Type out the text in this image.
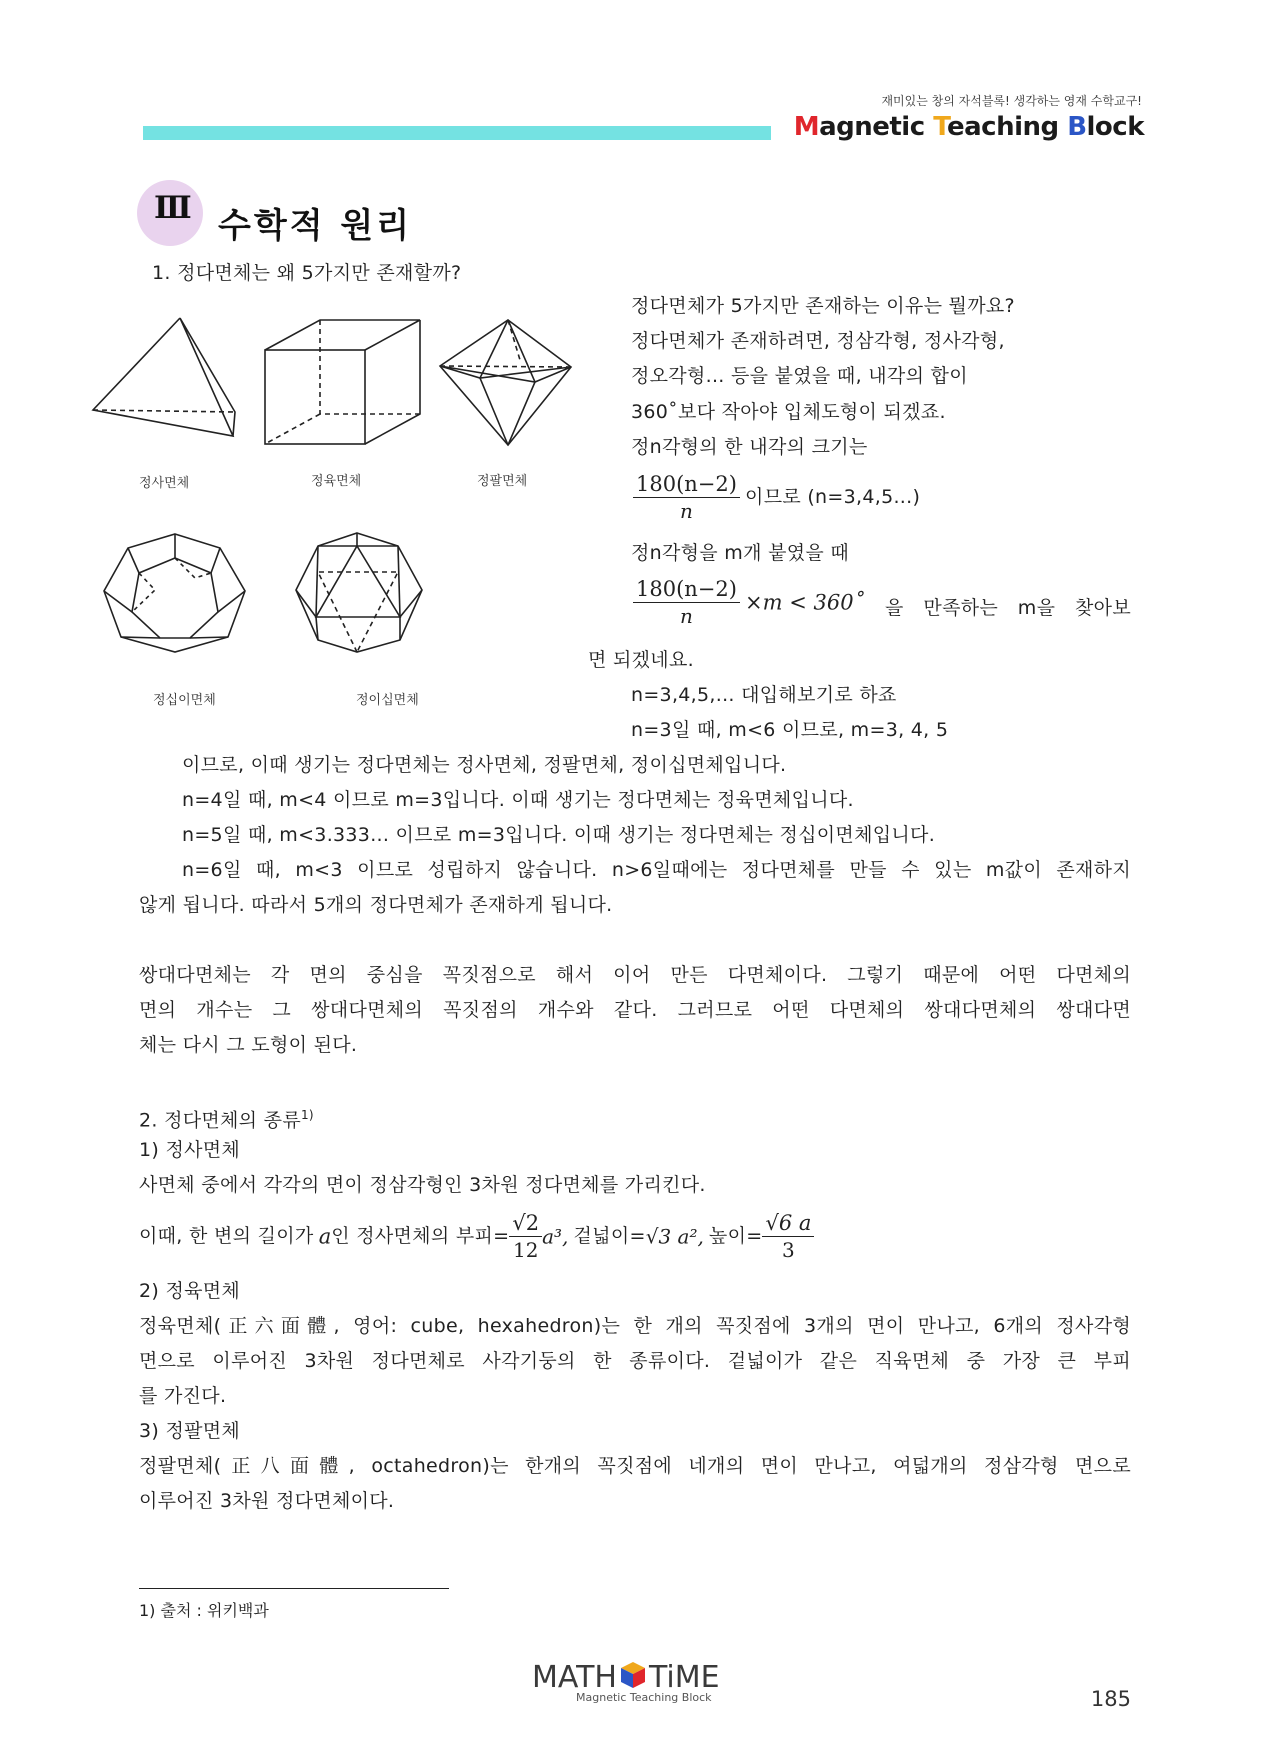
재미있는 창의 자석블록! 생각하는 영재 수학교구!
Magnetic Teaching Block
Ⅲ 수학적 원리
1. 정다면체는 왜 5가지만 존재할까?
정사면체	정육면체	정팔면체
정십이면체	정이십면체
정다면체가 5가지만 존재하는 이유는 뭘까요?
정다면체가 존재하려면, 정삼각형, 정사각형,
정오각형... 등을 붙였을 때, 내각의 합이
360˚보다 작아야 입체도형이 되겠죠.
정n각형의 한 내각의 크기는
$\frac{180(n-2)}{n}$ 이므로 (n=3,4,5...)
정n각형을 m개 붙였을 때
$\frac{180(n-2)}{n} \times m$ < 360˚ 을 만족하는 m을 찾아보
면 되겠네요.
n=3,4,5,... 대입해보기로 하죠
n=3일 때, m<6 이므로, m=3, 4, 5
이므로, 이때 생기는 정다면체는 정사면체, 정팔면체, 정이십면체입니다.
n=4일 때, m<4 이므로 m=3입니다. 이때 생기는 정다면체는 정육면체입니다.
n=5일 때, m<3.333... 이므로 m=3입니다. 이때 생기는 정다면체는 정십이면체입니다.
n=6일 때, m<3 이므로 성립하지 않습니다. n>6일때에는 정다면체를 만들 수 있는 m값이 존재하지
않게 됩니다. 따라서 5개의 정다면체가 존재하게 됩니다.
쌍대다면체는 각 면의 중심을 꼭짓점으로 해서 이어 만든 다면체이다. 그렇기 때문에 어떤 다면체의
면의 개수는 그 쌍대다면체의 꼭짓점의 개수와 같다. 그러므로 어떤 다면체의 쌍대다면체의 쌍대다면
체는 다시 그 도형이 된다.
2. 정다면체의 종류$^{1)}$
1) 정사면체
사면체 중에서 각각의 면이 정삼각형인 3차원 정다면체를 가리킨다.
이때, 한 변의 길이가 a인 정사면체의 부피= $\frac{√2}{12} a^3$, 겉넓이=√3 a², 높이= $\frac{√6 a}{3}$
2) 정육면체
정육면체(正六面體, 영어: cube, hexahedron)는 한 개의 꼭짓점에 3개의 면이 만나고, 6개의 정사각형
면으로 이루어진 3차원 정다면체로 사각기둥의 한 종류이다. 겉넓이가 같은 직육면체 중 가장 큰 부피
를 가진다.
3) 정팔면체
정팔면체(正八面體, octahedron)는 한개의 꼭짓점에 네개의 면이 만나고, 여덟개의 정삼각형 면으로
이루어진 3차원 정다면체이다.
1) 출처 : 위키백과
MATH TiME
Magnetic Teaching Block	185
